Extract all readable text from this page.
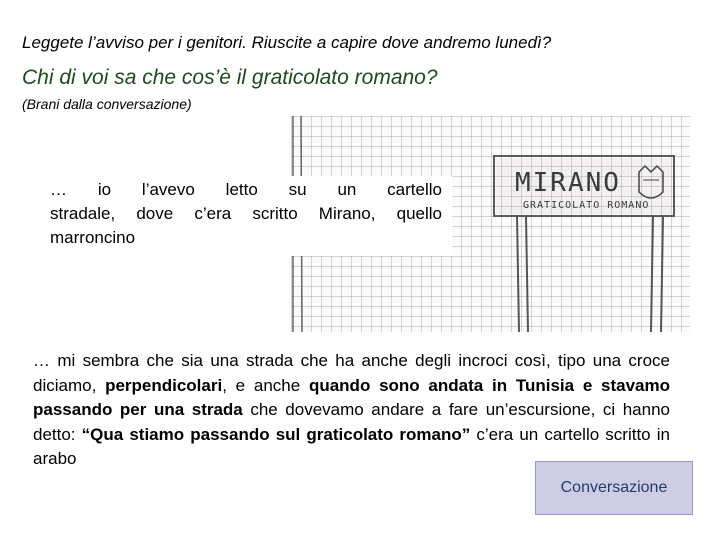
Leggete l’avviso per i genitori. Riuscite a capire dove andremo lunedì?

Chi di voi sa che cos’è il graticolato romano?

(Brani dalla conversazione)

MIRANO
GRATICOLATO ROMANO
… io l’avevo letto su un cartello
stradale, dove c’era scritto Mirano, quello marroncino
… mi sembra che sia una strada che ha anche degli incroci così, tipo una croce diciamo, perpendicolari, e anche quando sono andata in Tunisia e stavamo passando per una strada che dovevamo andare a fare un’escursione, ci hanno detto: “Qua stiamo passando sul graticolato romano” c’era un cartello scritto in arabo
Conversazione
